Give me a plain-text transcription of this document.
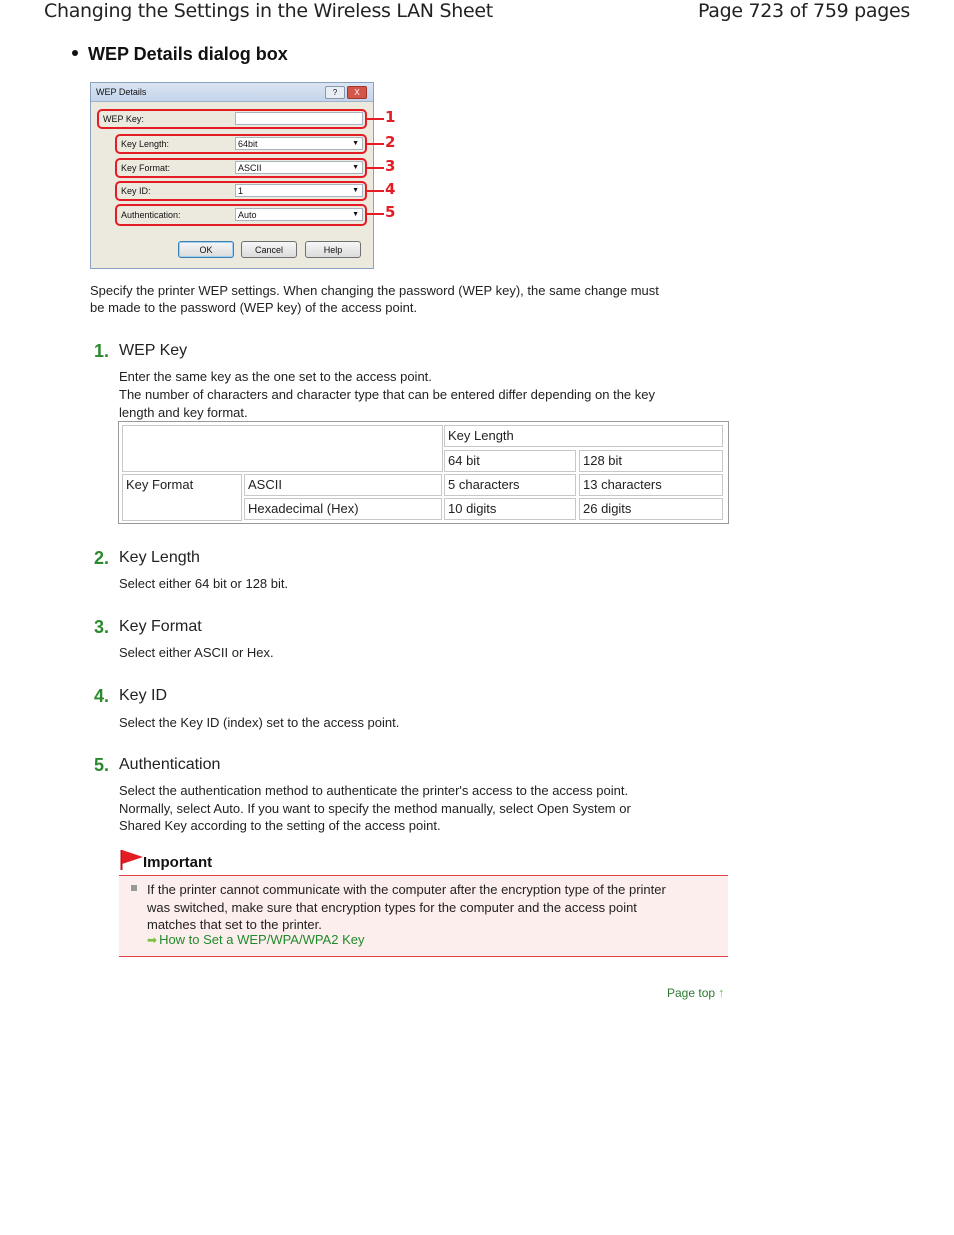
Changing the Settings in the Wireless LAN Sheet	Page 723 of 759 pages
WEP Details dialog box
WEP Details	?	X
WEP Key:
Key Length:	64bit	▼
Key Format:	ASCII	▼
Key ID:	1	▼
Authentication:	Auto	▼
OK	Cancel	Help
1
2
3
4
5
Specify the printer WEP settings. When changing the password (WEP key), the same change must
be made to the password (WEP key) of the access point.
1. WEP Key
Enter the same key as the one set to the access point.
The number of characters and character type that can be entered differ depending on the key
length and key format.
Key Length
64 bit	128 bit
Key Format	ASCII	5 characters	13 characters
Hexadecimal (Hex)	10 digits	26 digits
2. Key Length
Select either 64 bit or 128 bit.
3. Key Format
Select either ASCII or Hex.
4. Key ID
Select the Key ID (index) set to the access point.
5. Authentication
Select the authentication method to authenticate the printer's access to the access point.
Normally, select Auto. If you want to specify the method manually, select Open System or
Shared Key according to the setting of the access point.
Important
If the printer cannot communicate with the computer after the encryption type of the printer
was switched, make sure that encryption types for the computer and the access point
matches that set to the printer.
➡ How to Set a WEP/WPA/WPA2 Key
Page top ↑
